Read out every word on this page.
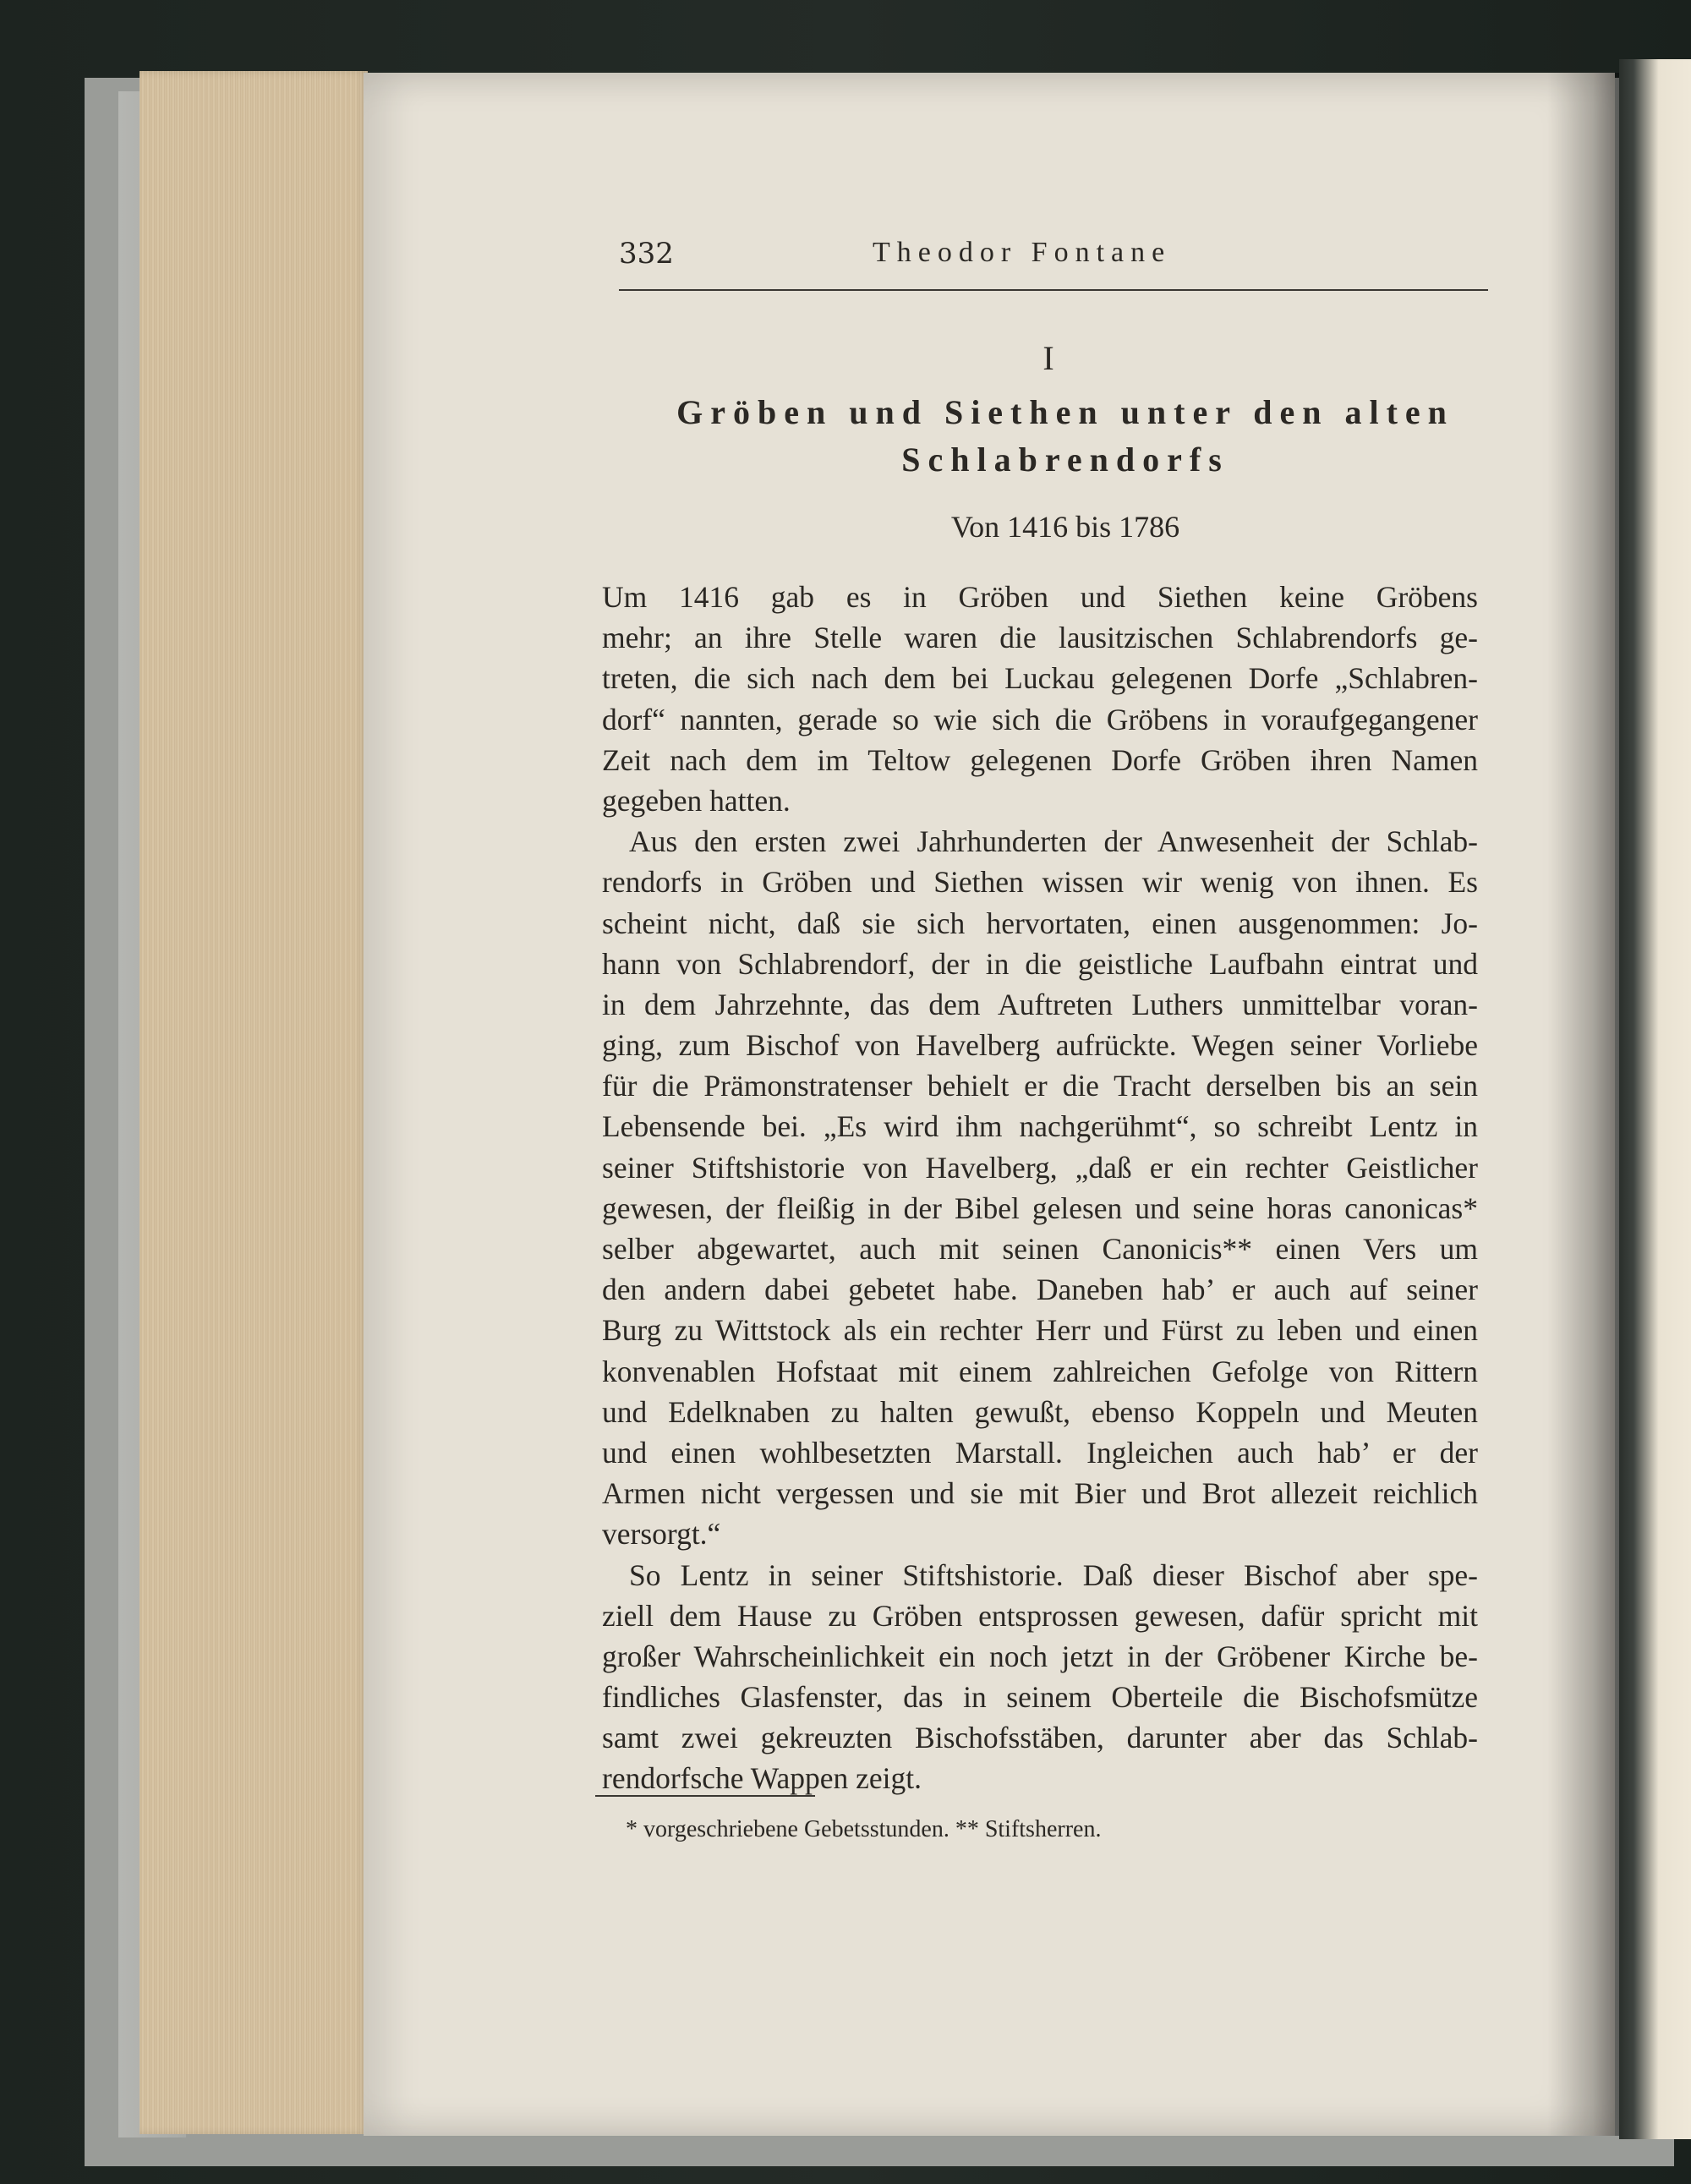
332	Theodor Fontane
I
Gröben und Siethen unter den alten
Schlabrendorfs
Von 1416 bis 1786
Um 1416 gab es in Gröben und Siethen keine Gröbens
mehr; an ihre Stelle waren die lausitzischen Schlabrendorfs ge-
treten, die sich nach dem bei Luckau gelegenen Dorfe „Schlabren-
dorf“ nannten, gerade so wie sich die Gröbens in voraufgegangener
Zeit nach dem im Teltow gelegenen Dorfe Gröben ihren Namen
gegeben hatten.
Aus den ersten zwei Jahrhunderten der Anwesenheit der Schlab-
rendorfs in Gröben und Siethen wissen wir wenig von ihnen. Es
scheint nicht, daß sie sich hervortaten, einen ausgenommen: Jo-
hann von Schlabrendorf, der in die geistliche Laufbahn eintrat und
in dem Jahrzehnte, das dem Auftreten Luthers unmittelbar voran-
ging, zum Bischof von Havelberg aufrückte. Wegen seiner Vorliebe
für die Prämonstratenser behielt er die Tracht derselben bis an sein
Lebensende bei. „Es wird ihm nachgerühmt“, so schreibt Lentz in
seiner Stiftshistorie von Havelberg, „daß er ein rechter Geistlicher
gewesen, der fleißig in der Bibel gelesen und seine horas canonicas*
selber abgewartet, auch mit seinen Canonicis** einen Vers um
den andern dabei gebetet habe. Daneben hab’ er auch auf seiner
Burg zu Wittstock als ein rechter Herr und Fürst zu leben und einen
konvenablen Hofstaat mit einem zahlreichen Gefolge von Rittern
und Edelknaben zu halten gewußt, ebenso Koppeln und Meuten
und einen wohlbesetzten Marstall. Ingleichen auch hab’ er der
Armen nicht vergessen und sie mit Bier und Brot allezeit reichlich
versorgt.“
So Lentz in seiner Stiftshistorie. Daß dieser Bischof aber spe-
ziell dem Hause zu Gröben entsprossen gewesen, dafür spricht mit
großer Wahrscheinlichkeit ein noch jetzt in der Gröbener Kirche be-
findliches Glasfenster, das in seinem Oberteile die Bischofsmütze
samt zwei gekreuzten Bischofsstäben, darunter aber das Schlab-
rendorfsche Wappen zeigt.
* vorgeschriebene Gebetsstunden. ** Stiftsherren.
